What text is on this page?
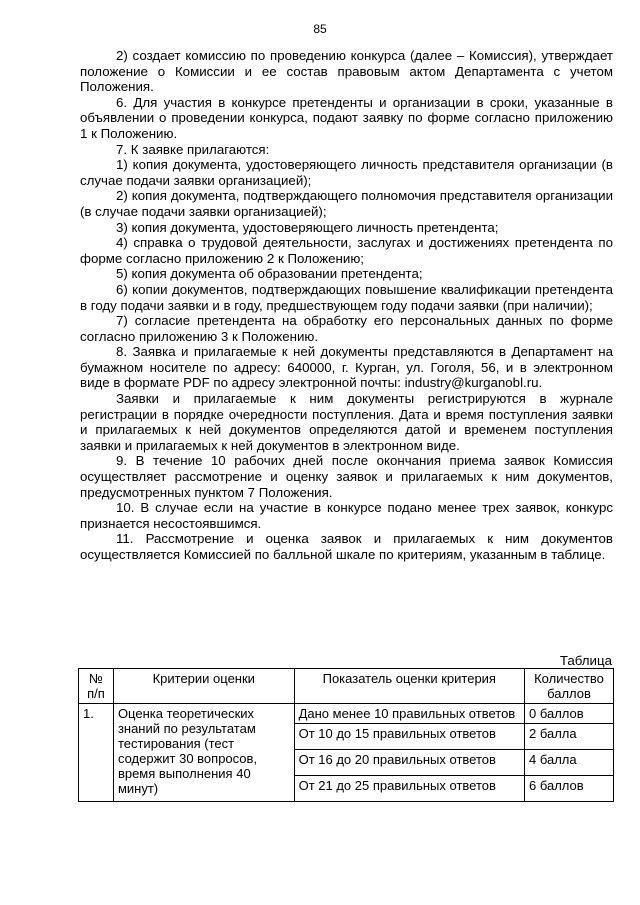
85

2) создает комиссию по проведению конкурса (далее – Комиссия), утверждает положение о Комиссии и ее состав правовым актом Департамента с учетом Положения.

6. Для участия в конкурсе претенденты и организации в сроки, указанные в объявлении о проведении конкурса, подают заявку по форме согласно приложению 1 к Положению.

7. К заявке прилагаются:

1) копия документа, удостоверяющего личность представителя организации (в случае подачи заявки организацией);

2) копия документа, подтверждающего полномочия представителя организации (в случае подачи заявки организацией);

3) копия документа, удостоверяющего личность претендента;

4) справка о трудовой деятельности, заслугах и достижениях претендента по форме согласно приложению 2 к Положению;

5) копия документа об образовании претендента;

6) копии документов, подтверждающих повышение квалификации претендента в году подачи заявки и в году, предшествующем году подачи заявки (при наличии);

7) согласие претендента на обработку его персональных данных по форме согласно приложению 3 к Положению.

8. Заявка и прилагаемые к ней документы представляются в Департамент на бумажном носителе по адресу: 640000, г. Курган, ул. Гоголя, 56, и в электронном виде в формате PDF по адресу электронной почты: industry@kurganobl.ru.

Заявки и прилагаемые к ним документы регистрируются в журнале регистрации в порядке очередности поступления. Дата и время поступления заявки и прилагаемых к ней документов определяются датой и временем поступления заявки и прилагаемых к ней документов в электронном виде.

9. В течение 10 рабочих дней после окончания приема заявок Комиссия осуществляет рассмотрение и оценку заявок и прилагаемых к ним документов, предусмотренных пунктом 7 Положения.

10. В случае если на участие в конкурсе подано менее трех заявок, конкурс признается несостоявшимся.

11. Рассмотрение и оценка заявок и прилагаемых к ним документов осуществляется Комиссией по балльной шкале по критериям, указанным в таблице.

Таблица
№ п/п	Критерии оценки	Показатель оценки критерия	Количество баллов
1.	Оценка теоретических знаний по результатам тестирования (тест содержит 30 вопросов, время выполнения 40 минут)	Дано менее 10 правильных ответов	0 баллов
		От 10 до 15 правильных ответов	2 балла
		От 16 до 20 правильных ответов	4 балла
		От 21 до 25 правильных ответов	6 баллов
